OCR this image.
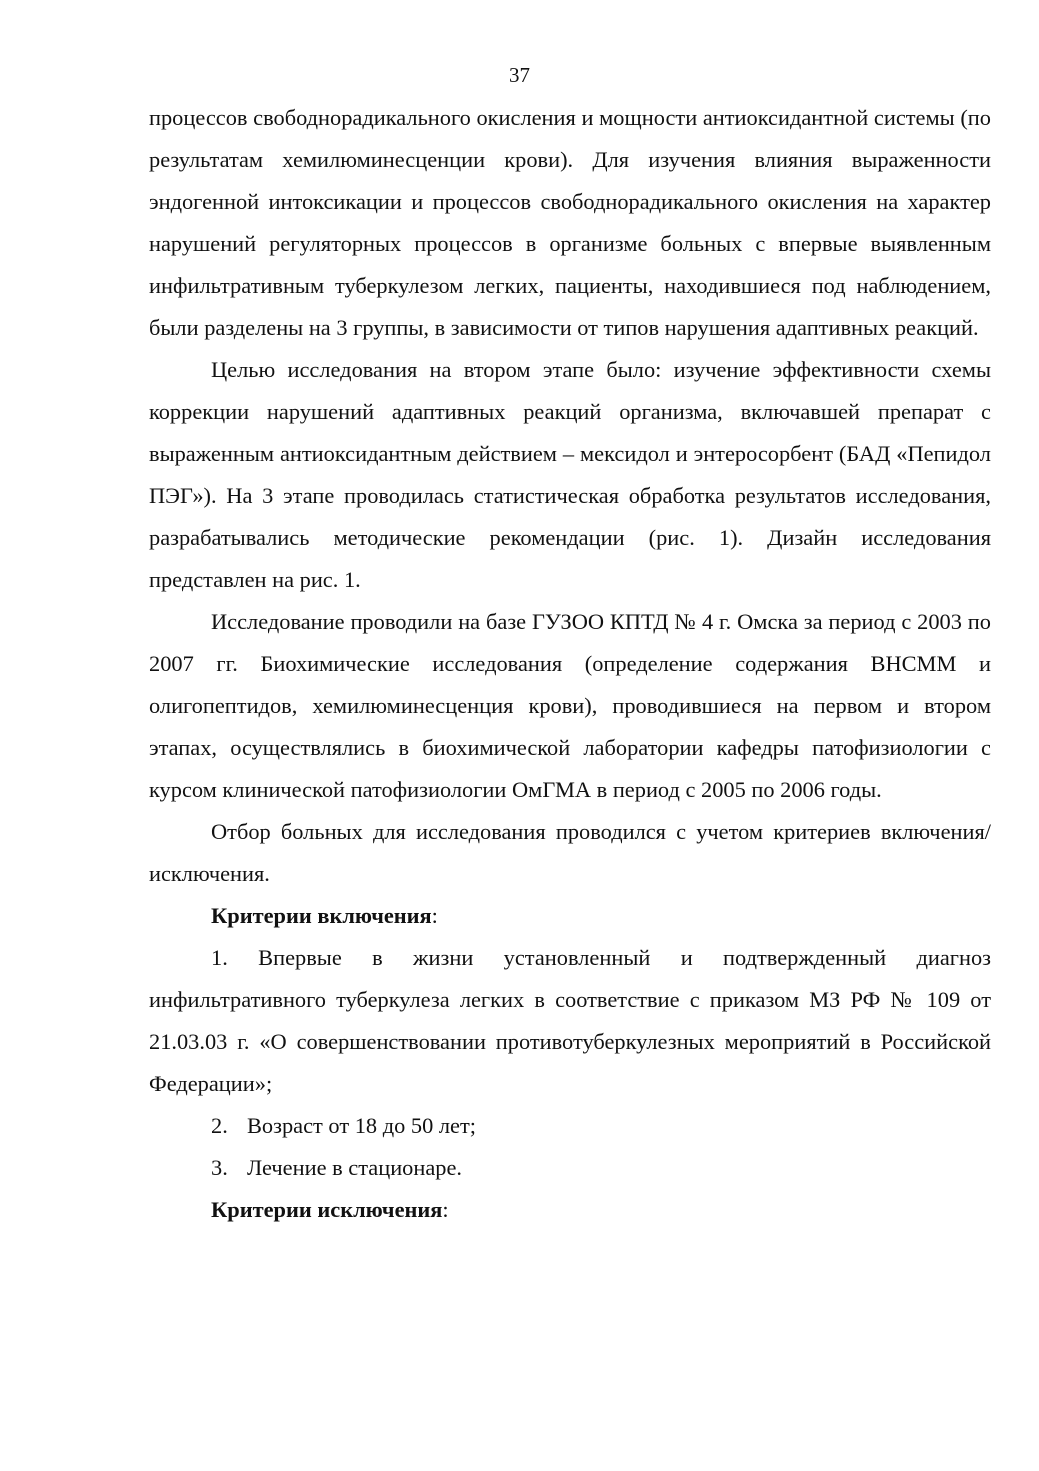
37

процессов свободнорадикального окисления и мощности антиоксидантной системы (по результатам хемилюминесценции крови). Для изучения влияния выраженности эндогенной интоксикации и процессов свободнорадикального окисления на характер нарушений регуляторных процессов в организме больных с впервые выявленным инфильтративным туберкулезом легких, пациенты, находившиеся под наблюдением, были разделены на 3 группы, в зависимости от типов нарушения адаптивных реакций.

Целью исследования на втором этапе было: изучение эффективности схемы коррекции нарушений адаптивных реакций организма, включавшей препарат с выраженным антиоксидантным действием – мексидол и энтеросорбент (БАД «Пепидол ПЭГ»). На 3 этапе проводилась статистическая обработка результатов исследования, разрабатывались методические рекомендации (рис. 1). Дизайн исследования представлен на рис. 1.

Исследование проводили на базе ГУЗОО КПТД № 4 г. Омска за период с 2003 по 2007 гг. Биохимические исследования (определение содержания ВНСММ и олигопептидов, хемилюминесценция крови), проводившиеся на первом и втором этапах, осуществлялись в биохимической лаборатории кафедры патофизиологии с курсом клинической патофизиологии ОмГМА в период с 2005 по 2006 годы.

Отбор больных для исследования проводился с учетом критериев включения/исключения.

Критерии включения:

1. Впервые в жизни установленный и подтвержденный диагноз инфильтративного туберкулеза легких в соответствие с приказом МЗ РФ № 109 от 21.03.03 г. «О совершенствовании противотуберкулезных мероприятий в Российской Федерации»;

2. Возраст от 18 до 50 лет;

3. Лечение в стационаре.

Критерии исключения:
